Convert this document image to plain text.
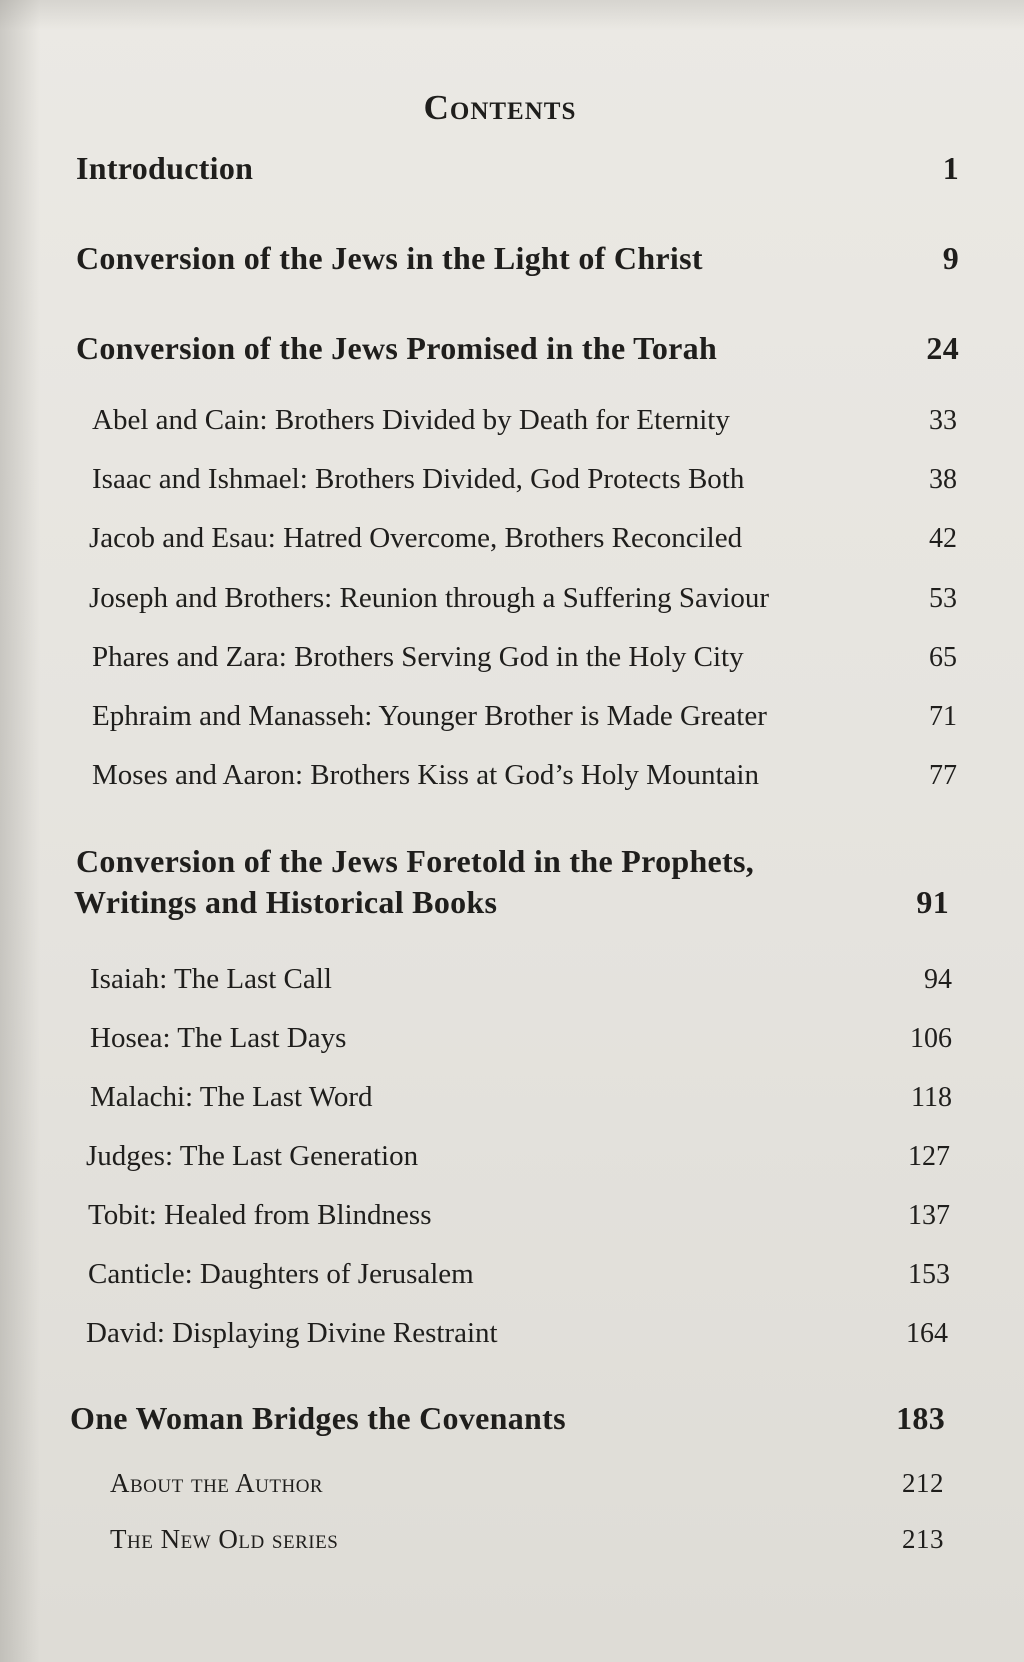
Contents
Introduction	1
Conversion of the Jews in the Light of Christ	9
Conversion of the Jews Promised in the Torah	24
Abel and Cain: Brothers Divided by Death for Eternity	33
Isaac and Ishmael: Brothers Divided, God Protects Both	38
Jacob and Esau: Hatred Overcome, Brothers Reconciled	42
Joseph and Brothers: Reunion through a Suffering Saviour	53
Phares and Zara: Brothers Serving God in the Holy City	65
Ephraim and Manasseh: Younger Brother is Made Greater	71
Moses and Aaron: Brothers Kiss at God’s Holy Mountain	77
Conversion of the Jews Foretold in the Prophets,
Writings and Historical Books	91
Isaiah: The Last Call	94
Hosea: The Last Days	106
Malachi: The Last Word	118
Judges: The Last Generation	127
Tobit: Healed from Blindness	137
Canticle: Daughters of Jerusalem	153
David: Displaying Divine Restraint	164
One Woman Bridges the Covenants	183
About the Author	212
The New Old series	213
